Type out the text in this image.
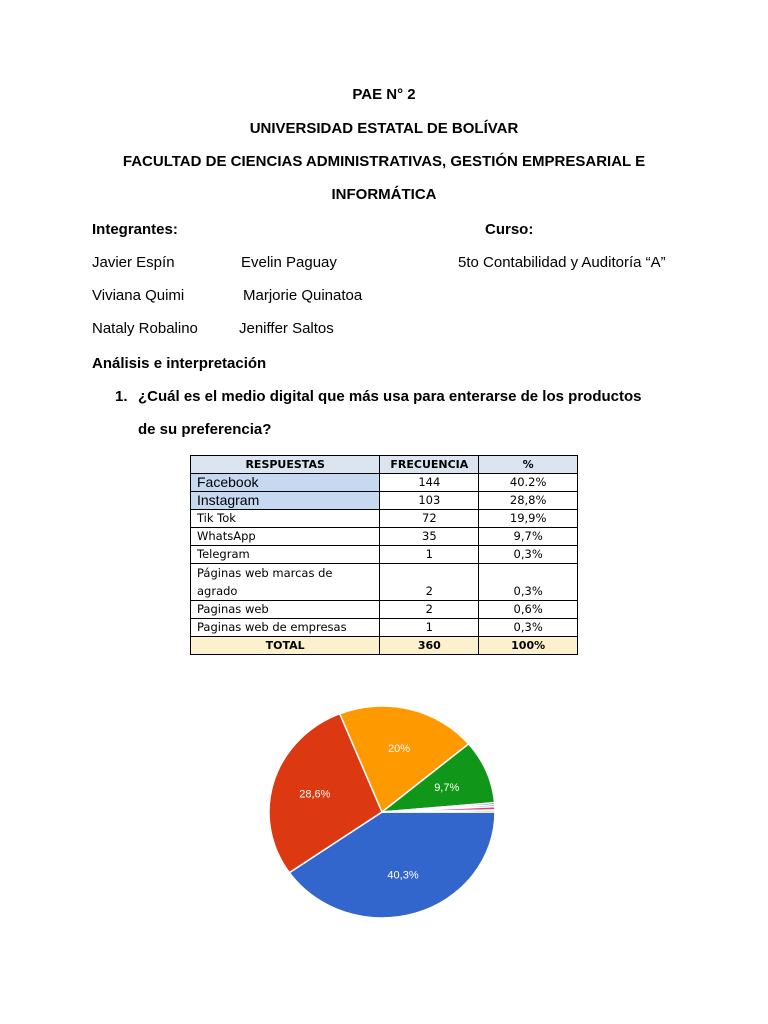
PAE N° 2
UNIVERSIDAD ESTATAL DE BOLÍVAR
FACULTAD DE CIENCIAS ADMINISTRATIVAS, GESTIÓN EMPRESARIAL E
INFORMÁTICA
Integrantes:	Curso:
Javier Espín	Evelin Paguay	5to Contabilidad y Auditoría “A”
Viviana Quimi	Marjorie Quinatoa
Nataly Robalino	Jeniffer Saltos
Análisis e interpretación
1. ¿Cuál es el medio digital que más usa para enterarse de los productos
de su preferencia?
RESPUESTAS	FRECUENCIA	%
Facebook	144	40.2%
Instagram	103	28,8%
Tik Tok	72	19,9%
WhatsApp	35	9,7%
Telegram	1	0,3%
Páginas web marcas de agrado	2	0,3%
Paginas web	2	0,6%
Paginas web de empresas	1	0,3%
TOTAL	360	100%
40,3%
28,6%
20%
9,7%
